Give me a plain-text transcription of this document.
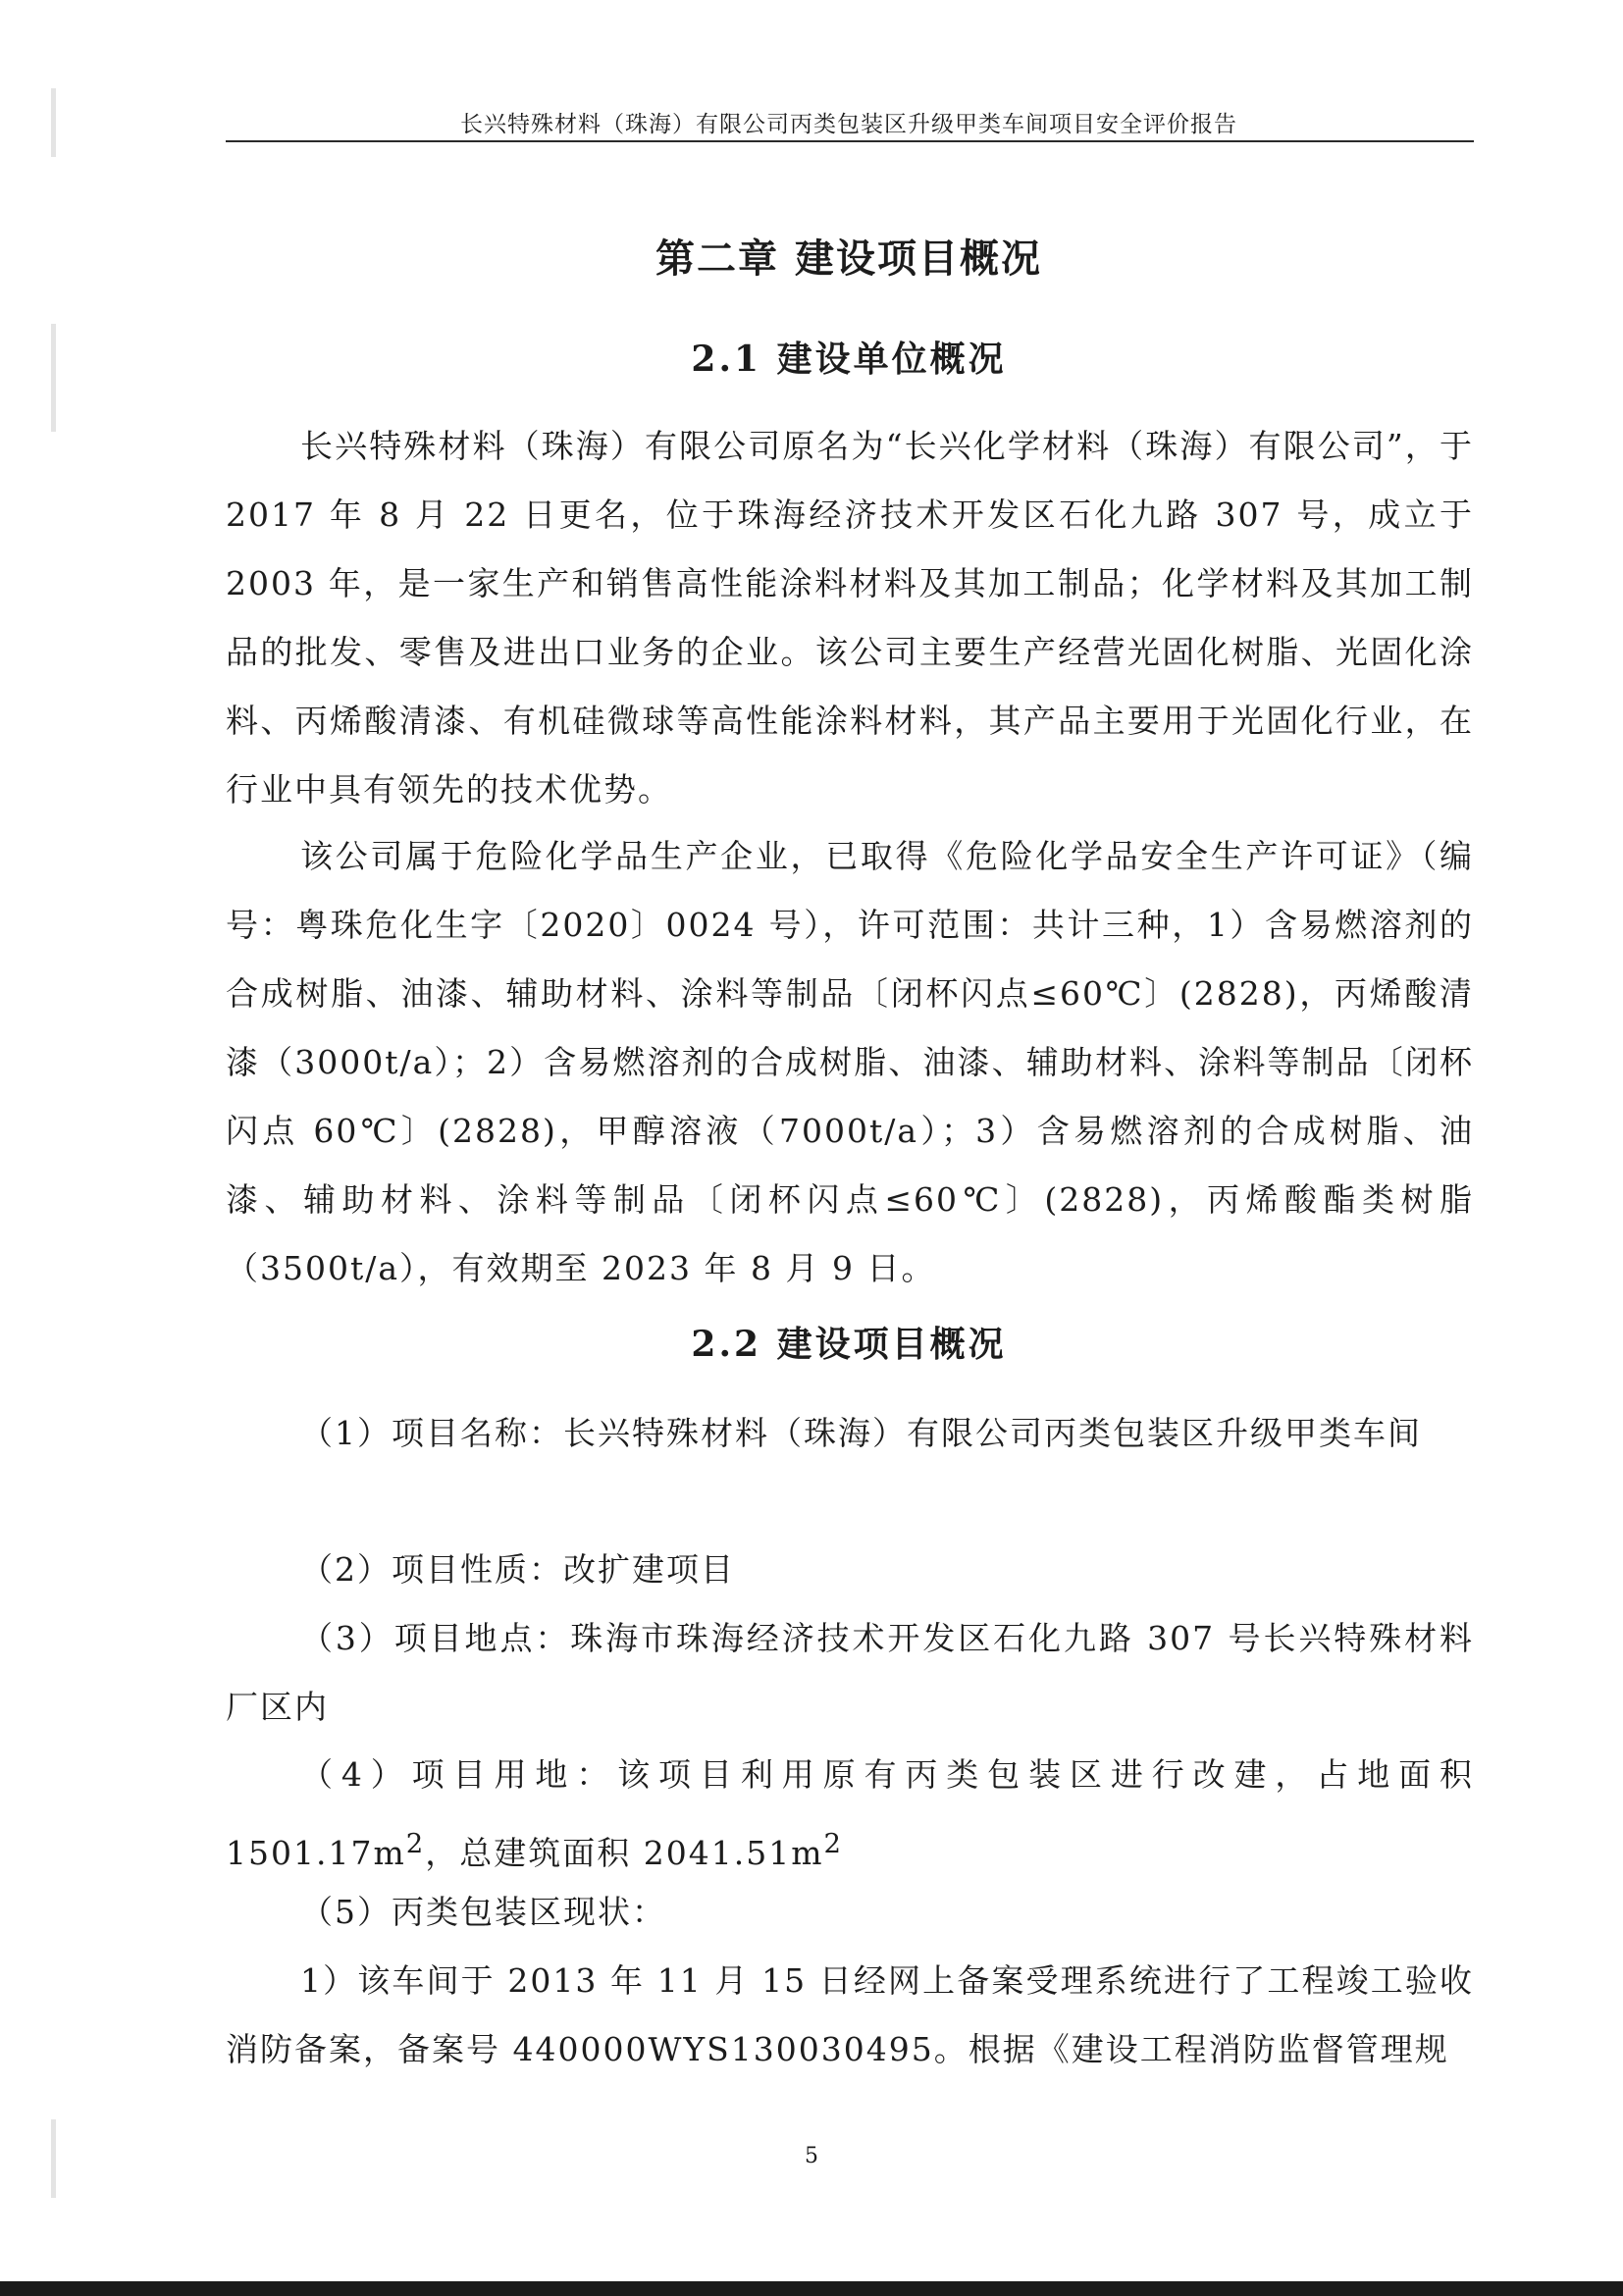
长兴特殊材料（珠海）有限公司丙类包装区升级甲类车间项目安全评价报告
第二章 建设项目概况
2.1 建设单位概况

长兴特殊材料（珠海）有限公司原名为“长兴化学材料（珠海）有限公司”，于 2017 年 8 月 22 日更名，位于珠海经济技术开发区石化九路 307 号，成立于 2003 年，是一家生产和销售高性能涂料材料及其加工制品；化学材料及其加工制品的批发、零售及进出口业务的企业。该公司主要生产经营光固化树脂、光固化涂料、丙烯酸清漆、有机硅微球等高性能涂料材料，其产品主要用于光固化行业，在行业中具有领先的技术优势。

该公司属于危险化学品生产企业，已取得《危险化学品安全生产许可证》（编号：粤珠危化生字〔2020〕0024 号），许可范围：共计三种，1）含易燃溶剂的合成树脂、油漆、辅助材料、涂料等制品〔闭杯闪点≤60℃〕(2828)，丙烯酸清漆（3000t/a）；2）含易燃溶剂的合成树脂、油漆、辅助材料、涂料等制品〔闭杯闪点 60℃〕(2828)，甲醇溶液（7000t/a）；3）含易燃溶剂的合成树脂、油漆、辅助材料、涂料等制品〔闭杯闪点≤60℃〕(2828)，丙烯酸酯类树脂（3500t/a），有效期至 2023 年 8 月 9 日。

2.2 建设项目概况

（1）项目名称：长兴特殊材料（珠海）有限公司丙类包装区升级甲类车间

（2）项目性质：改扩建项目

（3）项目地点：珠海市珠海经济技术开发区石化九路 307 号长兴特殊材料厂区内

（4）项目用地：该项目利用原有丙类包装区进行改建，占地面积 $1501.17m^2$，总建筑面积 $2041.51m^2$

（5）丙类包装区现状：

1）该车间于 2013 年 11 月 15 日经网上备案受理系统进行了工程竣工验收消防备案，备案号 440000WYS130030495。根据《建设工程消防监督管理规

5
